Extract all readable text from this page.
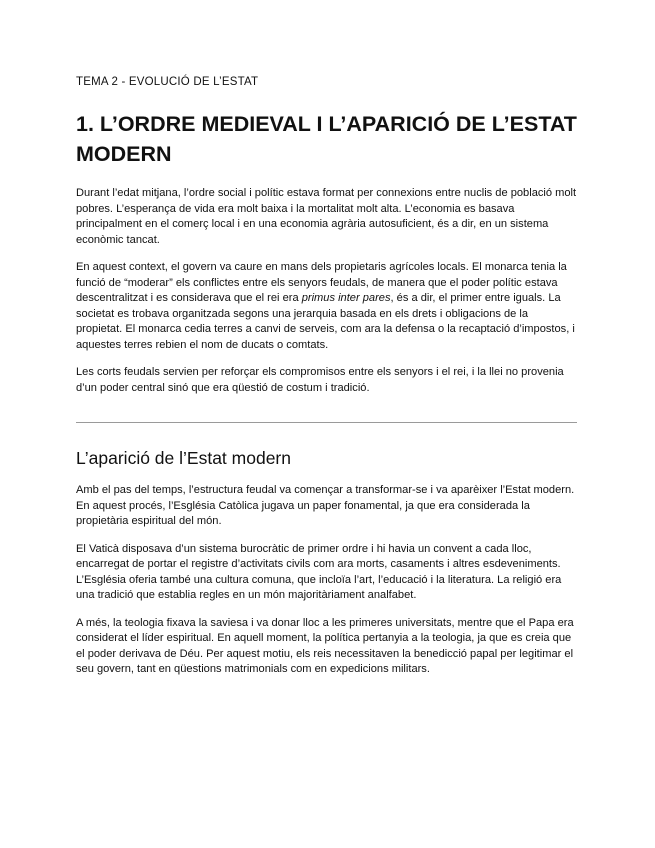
TEMA 2 - EVOLUCIÓ DE L’ESTAT
1. L’ORDRE MEDIEVAL I L’APARICIÓ DE L’ESTAT MODERN

Durant l’edat mitjana, l’ordre social i polític estava format per connexions entre nuclis de població molt pobres. L’esperança de vida era molt baixa i la mortalitat molt alta. L’economia es basava principalment en el comerç local i en una economia agrària autosuficient, és a dir, en un sistema econòmic tancat.

En aquest context, el govern va caure en mans dels propietaris agrícoles locals. El monarca tenia la funció de “moderar” els conflictes entre els senyors feudals, de manera que el poder polític estava descentralitzat i es considerava que el rei era primus inter pares, és a dir, el primer entre iguals. La societat es trobava organitzada segons una jerarquia basada en els drets i obligacions de la propietat. El monarca cedia terres a canvi de serveis, com ara la defensa o la recaptació d’impostos, i aquestes terres rebien el nom de ducats o comtats.

Les corts feudals servien per reforçar els compromisos entre els senyors i el rei, i la llei no provenia d’un poder central sinó que era qüestió de costum i tradició.

L’aparició de l’Estat modern

Amb el pas del temps, l’estructura feudal va començar a transformar-se i va aparèixer l’Estat modern. En aquest procés, l’Església Catòlica jugava un paper fonamental, ja que era considerada la propietària espiritual del món.

El Vaticà disposava d’un sistema burocràtic de primer ordre i hi havia un convent a cada lloc, encarregat de portar el registre d’activitats civils com ara morts, casaments i altres esdeveniments. L’Església oferia també una cultura comuna, que incloïa l’art, l’educació i la literatura. La religió era una tradició que establia regles en un món majoritàriament analfabet.

A més, la teologia fixava la saviesa i va donar lloc a les primeres universitats, mentre que el Papa era considerat el líder espiritual. En aquell moment, la política pertanyia a la teologia, ja que es creia que el poder derivava de Déu. Per aquest motiu, els reis necessitaven la benedicció papal per legitimar el seu govern, tant en qüestions matrimonials com en expedicions militars.
